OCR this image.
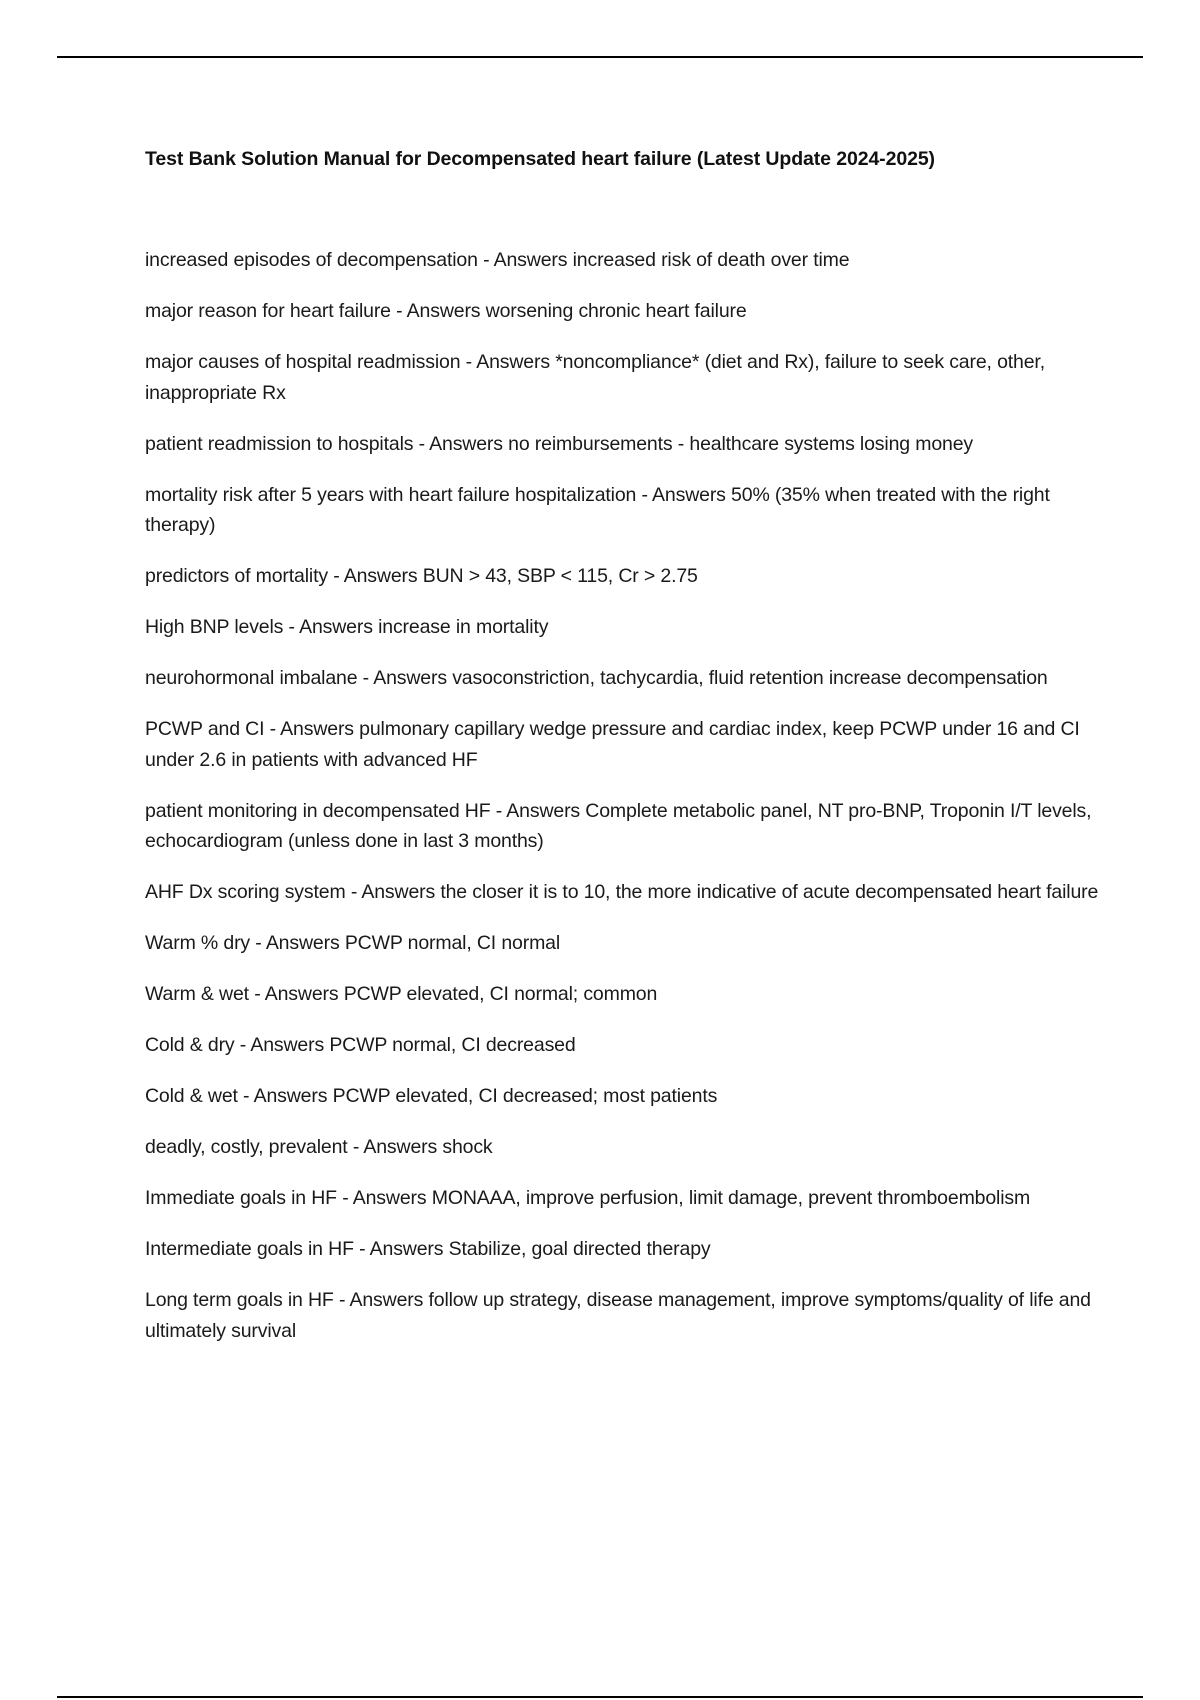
Test Bank Solution Manual for Decompensated heart failure (Latest Update 2024-2025)

increased episodes of decompensation - Answers increased risk of death over time

major reason for heart failure - Answers worsening chronic heart failure

major causes of hospital readmission - Answers *noncompliance* (diet and Rx), failure to seek care, other, inappropriate Rx

patient readmission to hospitals - Answers no reimbursements - healthcare systems losing money

mortality risk after 5 years with heart failure hospitalization - Answers 50% (35% when treated with the right therapy)

predictors of mortality - Answers BUN > 43, SBP < 115, Cr > 2.75

High BNP levels - Answers increase in mortality

neurohormonal imbalane - Answers vasoconstriction, tachycardia, fluid retention increase decompensation

PCWP and CI - Answers pulmonary capillary wedge pressure and cardiac index, keep PCWP under 16 and CI under 2.6 in patients with advanced HF

patient monitoring in decompensated HF - Answers Complete metabolic panel, NT pro-BNP, Troponin I/T levels, echocardiogram (unless done in last 3 months)

AHF Dx scoring system - Answers the closer it is to 10, the more indicative of acute decompensated heart failure

Warm % dry - Answers PCWP normal, CI normal

Warm & wet - Answers PCWP elevated, CI normal; common

Cold & dry - Answers PCWP normal, CI decreased

Cold & wet - Answers PCWP elevated, CI decreased; most patients

deadly, costly, prevalent - Answers shock

Immediate goals in HF - Answers MONAAA, improve perfusion, limit damage, prevent thromboembolism

Intermediate goals in HF - Answers Stabilize, goal directed therapy

Long term goals in HF - Answers follow up strategy, disease management, improve symptoms/quality of life and ultimately survival
